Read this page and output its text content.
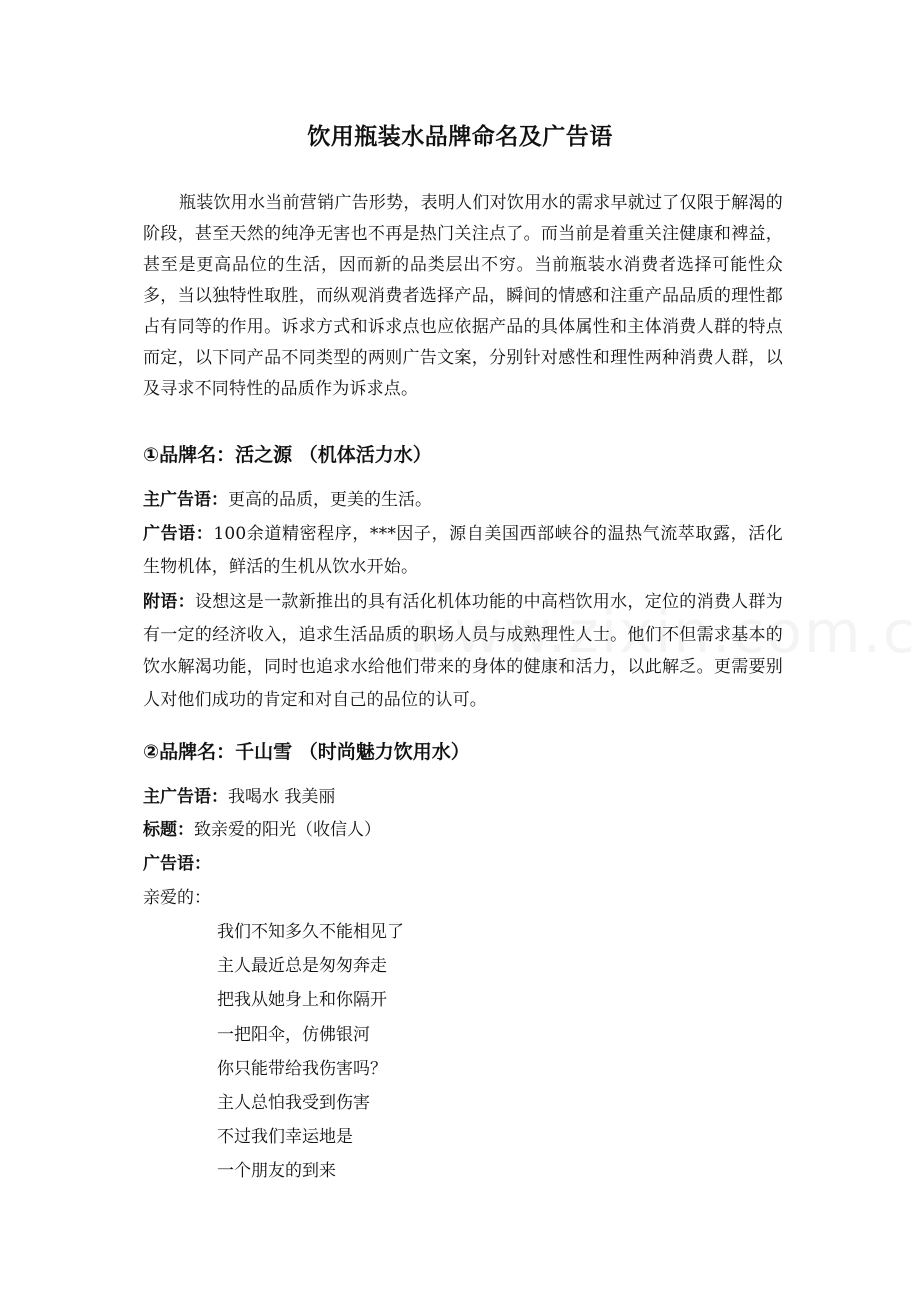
饮用瓶装水品牌命名及广告语
瓶装饮用水当前营销广告形势，表明人们对饮用水的需求早就过了仅限于解渴的阶段，甚至天然的纯净无害也不再是热门关注点了。而当前是着重关注健康和裨益，甚至是更高品位的生活，因而新的品类层出不穷。当前瓶装水消费者选择可能性众多，当以独特性取胜，而纵观消费者选择产品，瞬间的情感和注重产品品质的理性都占有同等的作用。诉求方式和诉求点也应依据产品的具体属性和主体消费人群的特点而定，以下同产品不同类型的两则广告文案，分别针对感性和理性两种消费人群，以及寻求不同特性的品质作为诉求点。
①品牌名：活之源 （机体活力水）
主广告语：更高的品质，更美的生活。
广告语：100余道精密程序，***因子，源自美国西部峡谷的温热气流萃取露，活化生物机体，鲜活的生机从饮水开始。
附语：设想这是一款新推出的具有活化机体功能的中高档饮用水，定位的消费人群为有一定的经济收入，追求生活品质的职场人员与成熟理性人士。他们不但需求基本的饮水解渴功能，同时也追求水给他们带来的身体的健康和活力，以此解乏。更需要别人对他们成功的肯定和对自己的品位的认可。
②品牌名：千山雪 （时尚魅力饮用水）
主广告语：我喝水 我美丽
标题：致亲爱的阳光（收信人）
广告语：
亲爱的：
我们不知多久不能相见了
主人最近总是匆匆奔走
把我从她身上和你隔开
一把阳伞，仿佛银河
你只能带给我伤害吗？
主人总怕我受到伤害
不过我们幸运地是
一个朋友的到来
